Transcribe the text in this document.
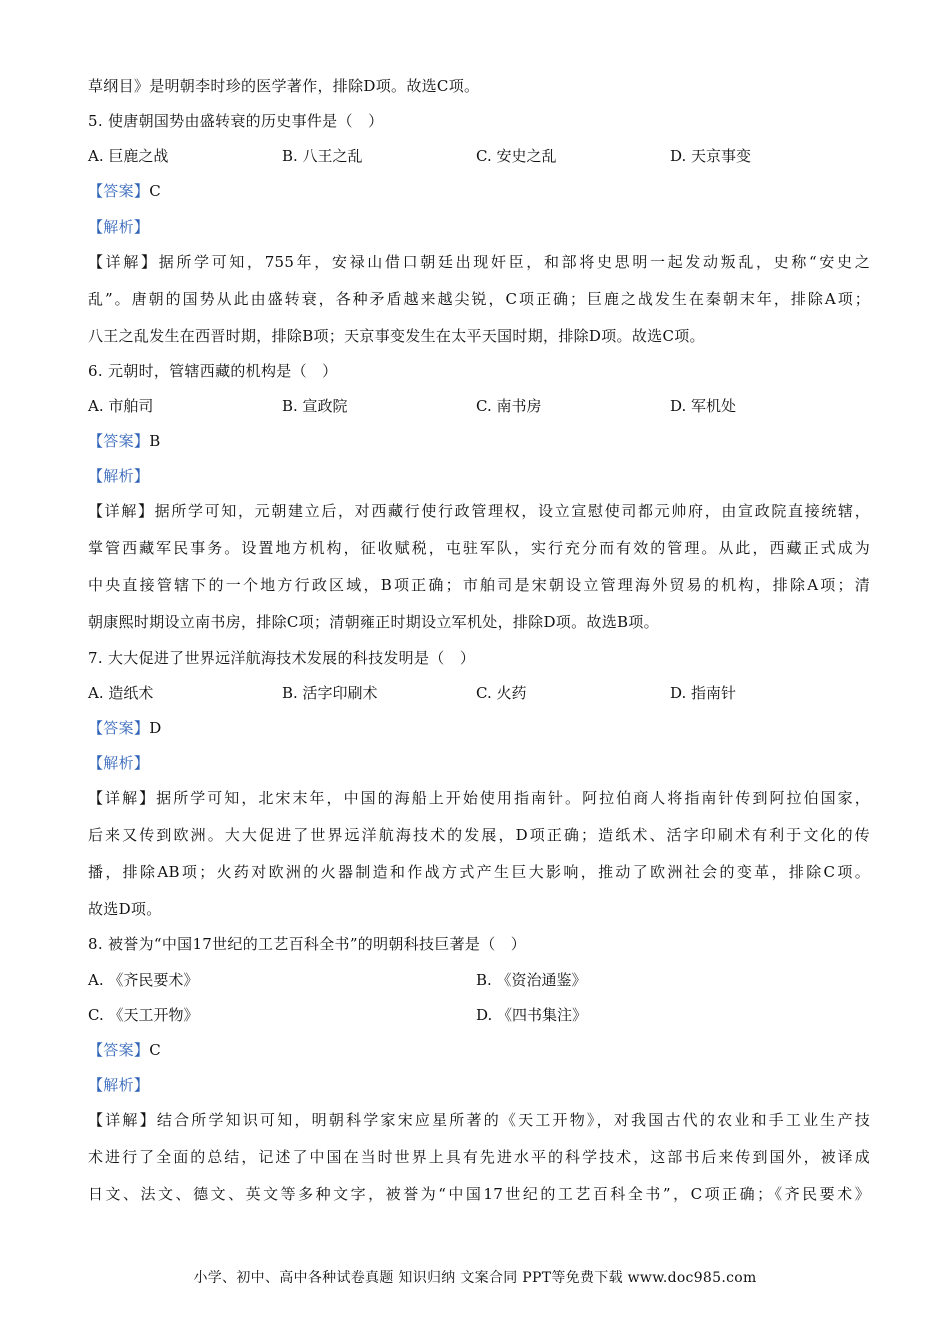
草纲目》是明朝李时珍的医学著作，排除D项。故选C项。
5. 使唐朝国势由盛转衰的历史事件是（　）
A. 巨鹿之战	B. 八王之乱	C. 安史之乱	D. 天京事变
【答案】C
【解析】
【详解】据所学可知，755年，安禄山借口朝廷出现奸臣，和部将史思明一起发动叛乱，史称“安史之
乱”。唐朝的国势从此由盛转衰，各种矛盾越来越尖锐，C项正确；巨鹿之战发生在秦朝末年，排除A项；
八王之乱发生在西晋时期，排除B项；天京事变发生在太平天国时期，排除D项。故选C项。
6. 元朝时，管辖西藏的机构是（　）
A. 市舶司	B. 宣政院	C. 南书房	D. 军机处
【答案】B
【解析】
【详解】据所学可知，元朝建立后，对西藏行使行政管理权，设立宣慰使司都元帅府，由宣政院直接统辖，
掌管西藏军民事务。设置地方机构，征收赋税，屯驻军队，实行充分而有效的管理。从此，西藏正式成为
中央直接管辖下的一个地方行政区域，B项正确；市舶司是宋朝设立管理海外贸易的机构，排除A项；清
朝康熙时期设立南书房，排除C项；清朝雍正时期设立军机处，排除D项。故选B项。
7. 大大促进了世界远洋航海技术发展的科技发明是（　）
A. 造纸术	B. 活字印刷术	C. 火药	D. 指南针
【答案】D
【解析】
【详解】据所学可知，北宋末年，中国的海船上开始使用指南针。阿拉伯商人将指南针传到阿拉伯国家，
后来又传到欧洲。大大促进了世界远洋航海技术的发展，D项正确；造纸术、活字印刷术有利于文化的传
播，排除AB项；火药对欧洲的火器制造和作战方式产生巨大影响，推动了欧洲社会的变革，排除C项。
故选D项。
8. 被誉为“中国17世纪的工艺百科全书”的明朝科技巨著是（　）
A. 《齐民要术》	B. 《资治通鉴》
C. 《天工开物》	D. 《四书集注》
【答案】C
【解析】
【详解】结合所学知识可知，明朝科学家宋应星所著的《天工开物》，对我国古代的农业和手工业生产技
术进行了全面的总结，记述了中国在当时世界上具有先进水平的科学技术，这部书后来传到国外，被译成
日文、法文、德文、英文等多种文字，被誉为“中国17世纪的工艺百科全书”，C项正确；《齐民要术》
小学、初中、高中各种试卷真题 知识归纳 文案合同 PPT等免费下载 www.doc985.com
